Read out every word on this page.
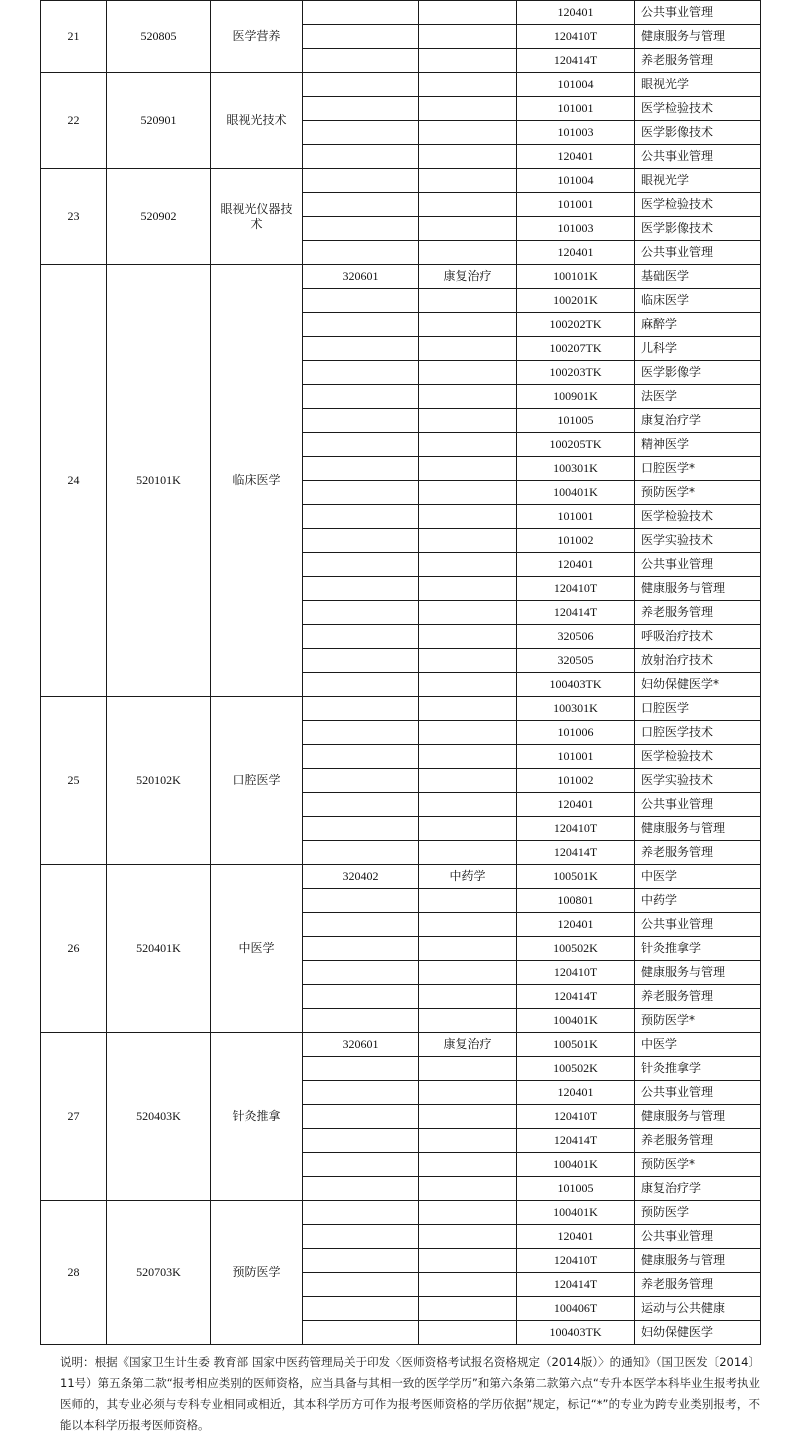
21	520805	医学营养			120401	公共事业管理
					120410T	健康服务与管理
					120414T	养老服务管理
22	520901	眼视光技术			101004	眼视光学
					101001	医学检验技术
					101003	医学影像技术
					120401	公共事业管理
23	520902	眼视光仪器技术			101004	眼视光学
					101001	医学检验技术
					101003	医学影像技术
					120401	公共事业管理
24	520101K	临床医学	320601	康复治疗	100101K	基础医学
					100201K	临床医学
					100202TK	麻醉学
					100207TK	儿科学
					100203TK	医学影像学
					100901K	法医学
					101005	康复治疗学
					100205TK	精神医学
					100301K	口腔医学*
					100401K	预防医学*
					101001	医学检验技术
					101002	医学实验技术
					120401	公共事业管理
					120410T	健康服务与管理
					120414T	养老服务管理
					320506	呼吸治疗技术
					320505	放射治疗技术
					100403TK	妇幼保健医学*
25	520102K	口腔医学			100301K	口腔医学
					101006	口腔医学技术
					101001	医学检验技术
					101002	医学实验技术
					120401	公共事业管理
					120410T	健康服务与管理
					120414T	养老服务管理
26	520401K	中医学	320402	中药学	100501K	中医学
					100801	中药学
					120401	公共事业管理
					100502K	针灸推拿学
					120410T	健康服务与管理
					120414T	养老服务管理
					100401K	预防医学*
27	520403K	针灸推拿	320601	康复治疗	100501K	中医学
					100502K	针灸推拿学
					120401	公共事业管理
					120410T	健康服务与管理
					120414T	养老服务管理
					100401K	预防医学*
					101005	康复治疗学
28	520703K	预防医学			100401K	预防医学
					120401	公共事业管理
					120410T	健康服务与管理
					120414T	养老服务管理
					100406T	运动与公共健康
					100403TK	妇幼保健医学
说明：根据《国家卫生计生委 教育部 国家中医药管理局关于印发〈医师资格考试报名资格规定（2014版）〉的通知》（国卫医发〔2014〕11号）第五条第二款“报考相应类别的医师资格，应当具备与其相一致的医学学历”和第六条第二款第六点“专升本医学本科毕业生报考执业医师的，其专业必须与专科专业相同或相近，其本科学历方可作为报考医师资格的学历依据”规定，标记“*”的专业为跨专业类别报考，不能以本科学历报考医师资格。
